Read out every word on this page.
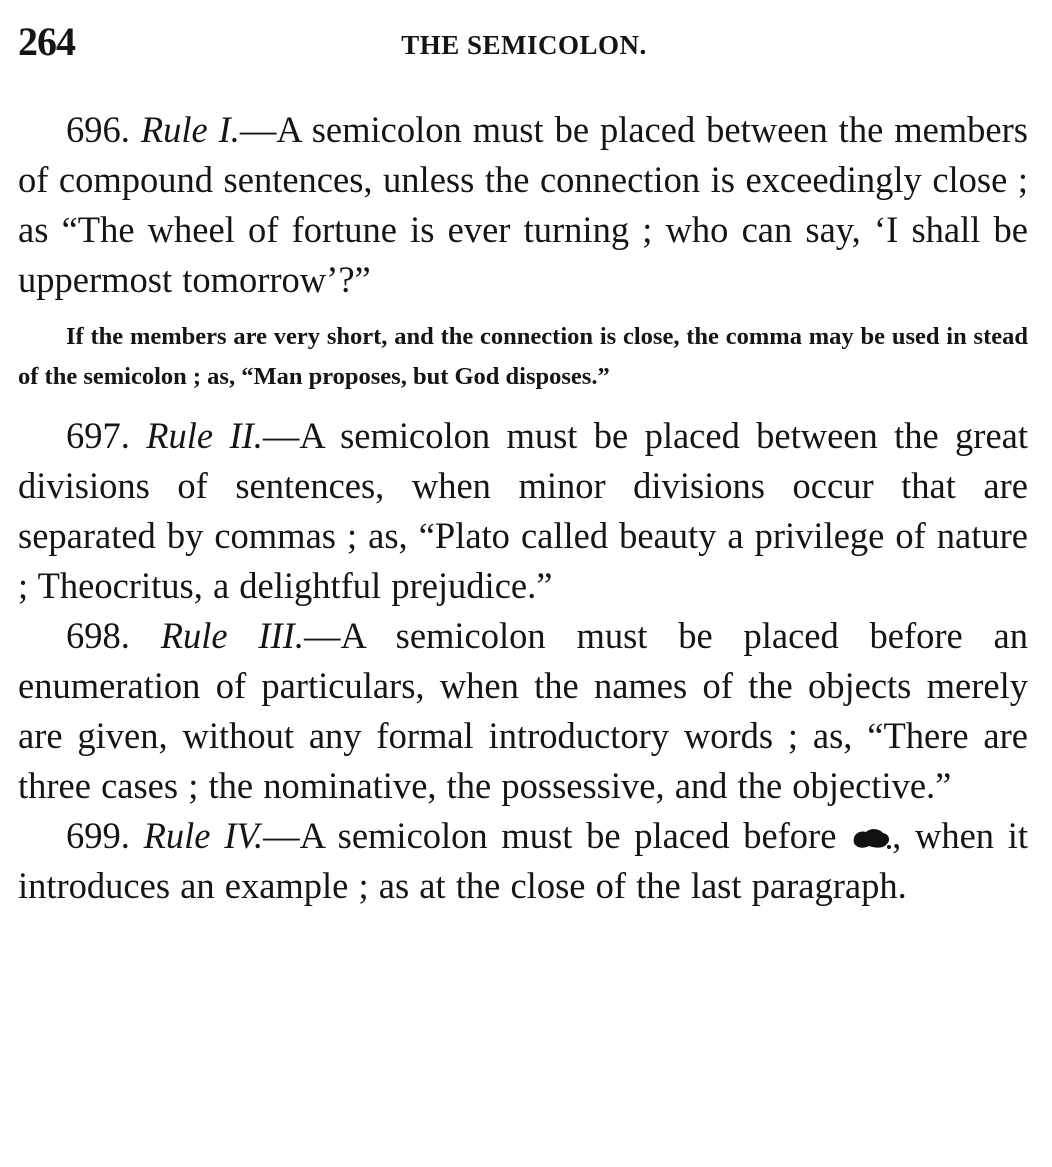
264	THE SEMICOLON.

696. Rule I.—A semicolon must be placed between the members of compound sentences, unless the connection is exceedingly close ; as “The wheel of fortune is ever turning ; who can say, ‘I shall be uppermost tomorrow’?”

If the members are very short, and the connection is close, the comma may be used in stead of the semicolon ; as, “Man proposes, but God disposes.”

697. Rule II.—A semicolon must be placed between the great divisions of sentences, when minor divisions occur that are separated by commas ; as, “Plato called beauty a privilege of nature ; Theocritus, a delightful prejudice.”

698. Rule III.—A semicolon must be placed before an enumeration of particulars, when the names of the objects merely are given, without any formal introductory words ; as, “There are three cases ; the nominative, the possessive, and the objective.”

699. Rule IV.—A semicolon must be placed before , when it introduces an example ; as at the close of the last paragraph.
